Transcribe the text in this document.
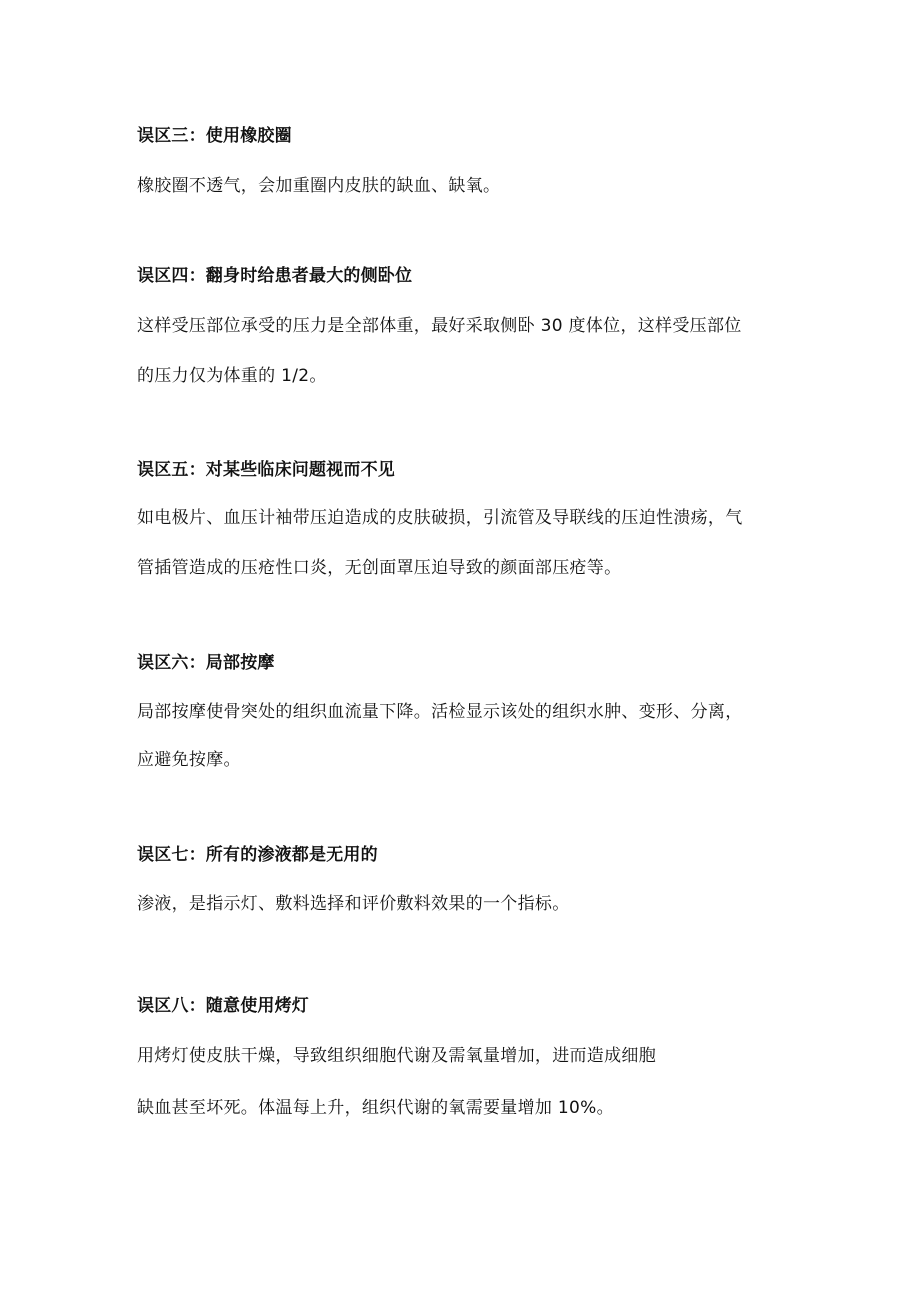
误区三：使用橡胶圈
橡胶圈不透气，会加重圈内皮肤的缺血、缺氧。
误区四：翻身时给患者最大的侧卧位
这样受压部位承受的压力是全部体重，最好采取侧卧 30 度体位，这样受压部位
的压力仅为体重的 1/2。
误区五：对某些临床问题视而不见
如电极片、血压计袖带压迫造成的皮肤破损，引流管及导联线的压迫性溃疡，气
管插管造成的压疮性口炎，无创面罩压迫导致的颜面部压疮等。
误区六：局部按摩
局部按摩使骨突处的组织血流量下降。活检显示该处的组织水肿、变形、分离，
应避免按摩。
误区七：所有的渗液都是无用的
渗液，是指示灯、敷料选择和评价敷料效果的一个指标。
误区八：随意使用烤灯
用烤灯使皮肤干燥，导致组织细胞代谢及需氧量增加，进而造成细胞
缺血甚至坏死。体温每上升，组织代谢的氧需要量增加 10%。
